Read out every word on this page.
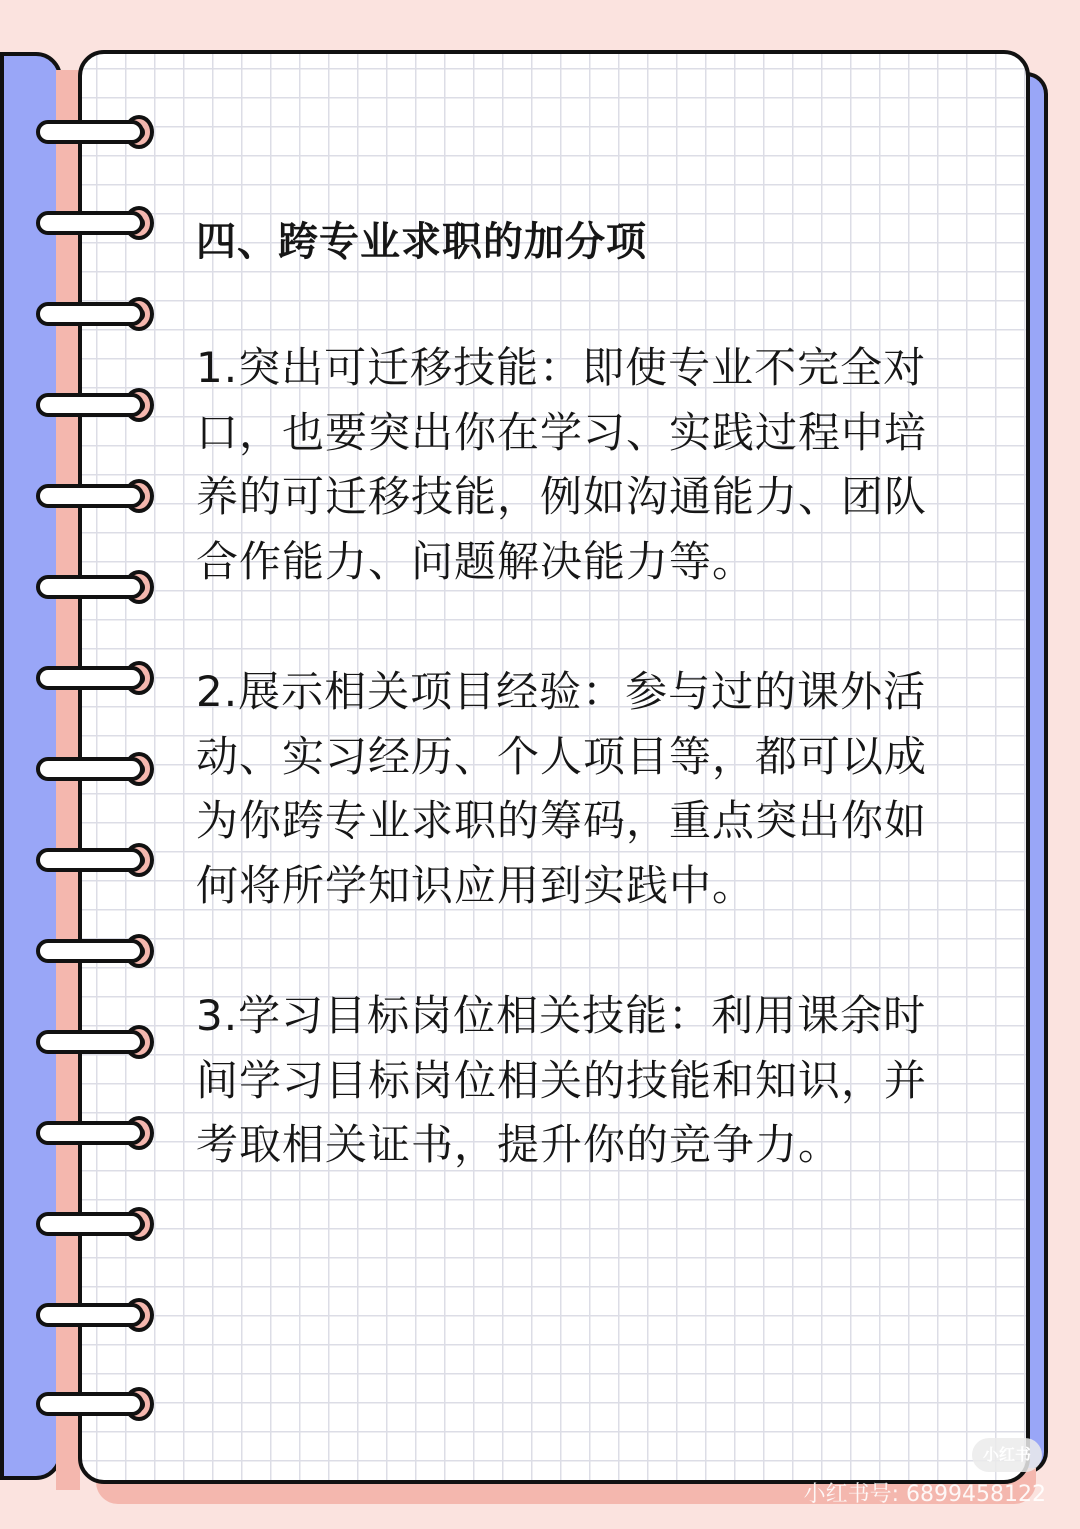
四、跨专业求职的加分项
1.突出可迁移技能：即使专业不完全对口，也要突出你在学习、实践过程中培养的可迁移技能，例如沟通能力、团队合作能力、问题解决能力等。
2.展示相关项目经验：参与过的课外活动、实习经历、个人项目等，都可以成为你跨专业求职的筹码，重点突出你如何将所学知识应用到实践中。
3.学习目标岗位相关技能：利用课余时间学习目标岗位相关的技能和知识，并考取相关证书，提升你的竞争力。
小红书
小红书号: 6899458122
